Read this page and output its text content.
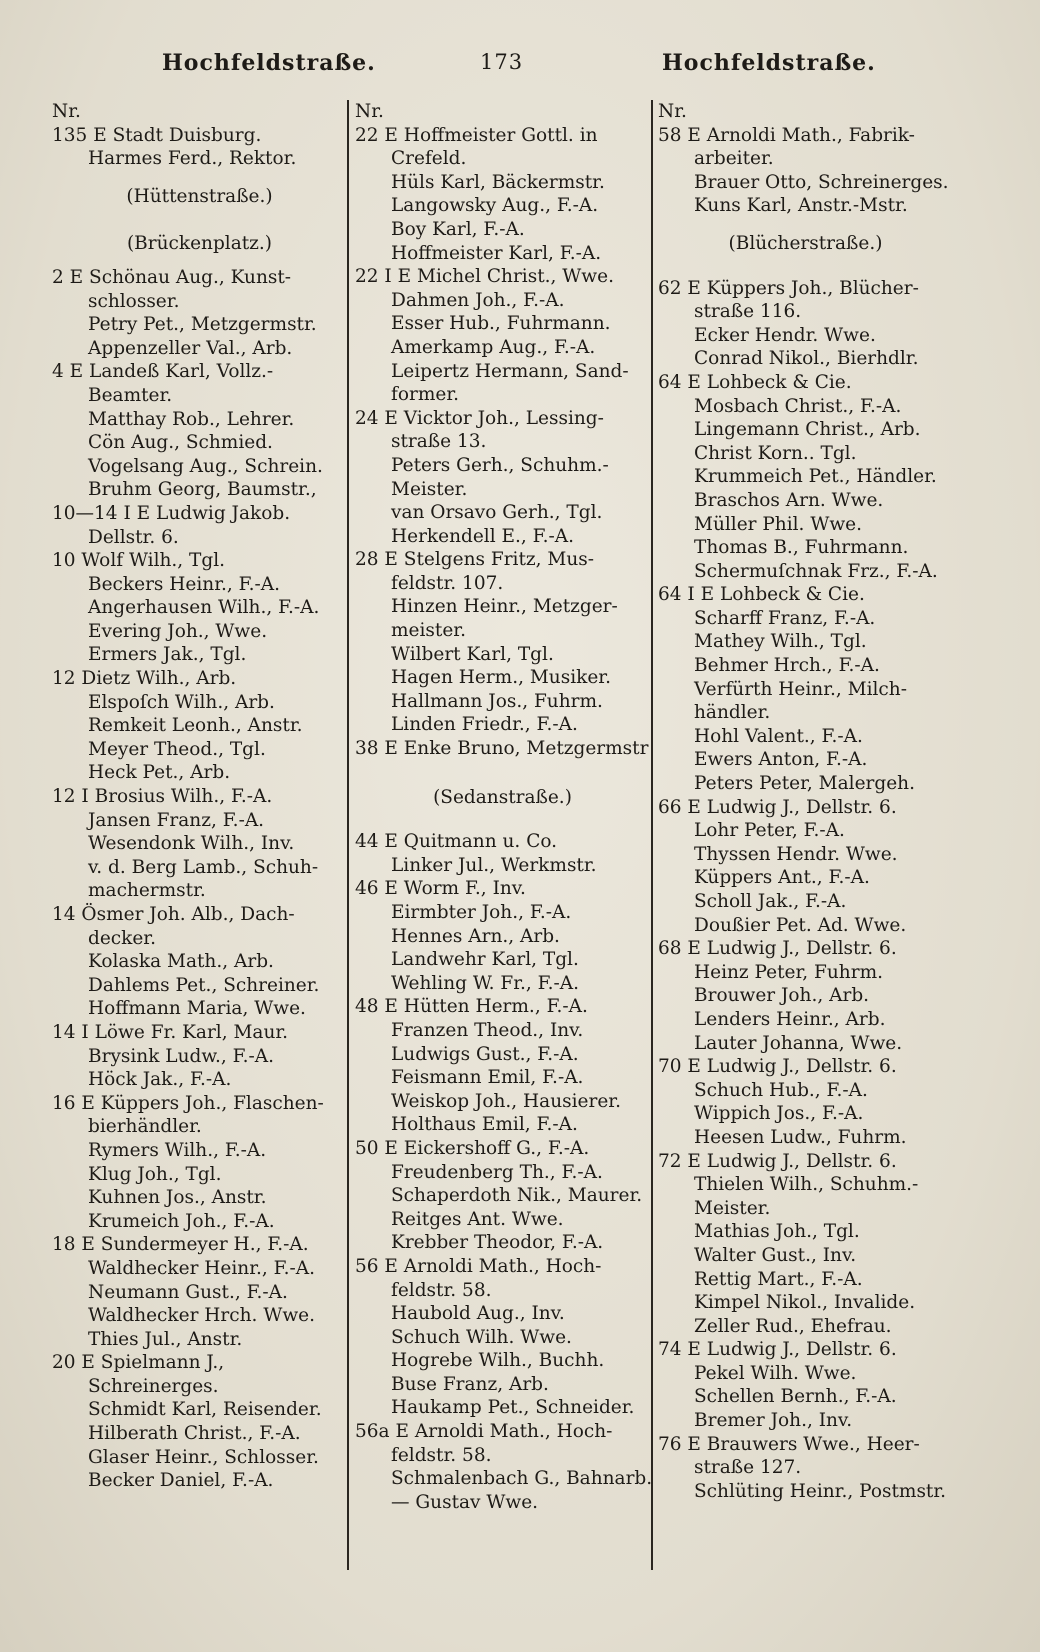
Hochfeldstraße.	173	Hochfeldstraße.
Nr.
135 E Stadt Duisburg.
Harmes Ferd., Rektor.
(Hüttenstraße.)
(Brückenplatz.)
2 E Schönau Aug., Kunst-
schlosser.
Petry Pet., Metzgermstr.
Appenzeller Val., Arb.
4 E Landeß Karl, Vollz.-
Beamter.
Matthay Rob., Lehrer.
Cön Aug., Schmied.
Vogelsang Aug., Schrein.
Bruhm Georg, Baumstr.,
10—14 I E Ludwig Jakob.
Dellstr. 6.
10 Wolf Wilh., Tgl.
Beckers Heinr., F.-A.
Angerhausen Wilh., F.-A.
Evering Joh., Wwe.
Ermers Jak., Tgl.
12 Dietz Wilh., Arb.
Elspoſch Wilh., Arb.
Remkeit Leonh., Anstr.
Meyer Theod., Tgl.
Heck Pet., Arb.
12 I Brosius Wilh., F.-A.
Jansen Franz, F.-A.
Wesendonk Wilh., Inv.
v. d. Berg Lamb., Schuh-
machermstr.
14 Ösmer Joh. Alb., Dach-
decker.
Kolaska Math., Arb.
Dahlems Pet., Schreiner.
Hoffmann Maria, Wwe.
14 I Löwe Fr. Karl, Maur.
Brysink Ludw., F.-A.
Höck Jak., F.-A.
16 E Küppers Joh., Flaschen-
bierhändler.
Rymers Wilh., F.-A.
Klug Joh., Tgl.
Kuhnen Jos., Anstr.
Krumeich Joh., F.-A.
18 E Sundermeyer H., F.-A.
Waldhecker Heinr., F.-A.
Neumann Gust., F.-A.
Waldhecker Hrch. Wwe.
Thies Jul., Anstr.
20 E Spielmann J.,
Schreinerges.
Schmidt Karl, Reisender.
Hilberath Christ., F.-A.
Glaser Heinr., Schlosser.
Becker Daniel, F.-A.
Nr.
22 E Hoffmeister Gottl. in
Crefeld.
Hüls Karl, Bäckermstr.
Langowsky Aug., F.-A.
Boy Karl, F.-A.
Hoffmeister Karl, F.-A.
22 I E Michel Christ., Wwe.
Dahmen Joh., F.-A.
Esser Hub., Fuhrmann.
Amerkamp Aug., F.-A.
Leipertz Hermann, Sand-
former.
24 E Vicktor Joh., Lessing-
straße 13.
Peters Gerh., Schuhm.-
Meister.
van Orsavo Gerh., Tgl.
Herkendell E., F.-A.
28 E Stelgens Fritz, Mus-
feldstr. 107.
Hinzen Heinr., Metzger-
meister.
Wilbert Karl, Tgl.
Hagen Herm., Musiker.
Hallmann Jos., Fuhrm.
Linden Friedr., F.-A.
38 E Enke Bruno, Metzgermstr
(Sedanstraße.)
44 E Quitmann u. Co.
Linker Jul., Werkmstr.
46 E Worm F., Inv.
Eirmbter Joh., F.-A.
Hennes Arn., Arb.
Landwehr Karl, Tgl.
Wehling W. Fr., F.-A.
48 E Hütten Herm., F.-A.
Franzen Theod., Inv.
Ludwigs Gust., F.-A.
Feismann Emil, F.-A.
Weiskop Joh., Hausierer.
Holthaus Emil, F.-A.
50 E Eickershoff G., F.-A.
Freudenberg Th., F.-A.
Schaperdoth Nik., Maurer.
Reitges Ant. Wwe.
Krebber Theodor, F.-A.
56 E Arnoldi Math., Hoch-
feldstr. 58.
Haubold Aug., Inv.
Schuch Wilh. Wwe.
Hogrebe Wilh., Buchh.
Buse Franz, Arb.
Haukamp Pet., Schneider.
56a E Arnoldi Math., Hoch-
feldstr. 58.
Schmalenbach G., Bahnarb.
— Gustav Wwe.
Nr.
58 E Arnoldi Math., Fabrik-
arbeiter.
Brauer Otto, Schreinerges.
Kuns Karl, Anstr.-Mstr.
(Blücherstraße.)
62 E Küppers Joh., Blücher-
straße 116.
Ecker Hendr. Wwe.
Conrad Nikol., Bierhdlr.
64 E Lohbeck & Cie.
Mosbach Christ., F.-A.
Lingemann Christ., Arb.
Christ Korn.. Tgl.
Krummeich Pet., Händler.
Braschos Arn. Wwe.
Müller Phil. Wwe.
Thomas B., Fuhrmann.
Schermuſchnak Frz., F.-A.
64 I E Lohbeck & Cie.
Scharff Franz, F.-A.
Mathey Wilh., Tgl.
Behmer Hrch., F.-A.
Verfürth Heinr., Milch-
händler.
Hohl Valent., F.-A.
Ewers Anton, F.-A.
Peters Peter, Malergeh.
66 E Ludwig J., Dellstr. 6.
Lohr Peter, F.-A.
Thyssen Hendr. Wwe.
Küppers Ant., F.-A.
Scholl Jak., F.-A.
Doußier Pet. Ad. Wwe.
68 E Ludwig J., Dellstr. 6.
Heinz Peter, Fuhrm.
Brouwer Joh., Arb.
Lenders Heinr., Arb.
Lauter Johanna, Wwe.
70 E Ludwig J., Dellstr. 6.
Schuch Hub., F.-A.
Wippich Jos., F.-A.
Heesen Ludw., Fuhrm.
72 E Ludwig J., Dellstr. 6.
Thielen Wilh., Schuhm.-
Meister.
Mathias Joh., Tgl.
Walter Gust., Inv.
Rettig Mart., F.-A.
Kimpel Nikol., Invalide.
Zeller Rud., Ehefrau.
74 E Ludwig J., Dellstr. 6.
Pekel Wilh. Wwe.
Schellen Bernh., F.-A.
Bremer Joh., Inv.
76 E Brauwers Wwe., Heer-
straße 127.
Schlüting Heinr., Postmstr.
